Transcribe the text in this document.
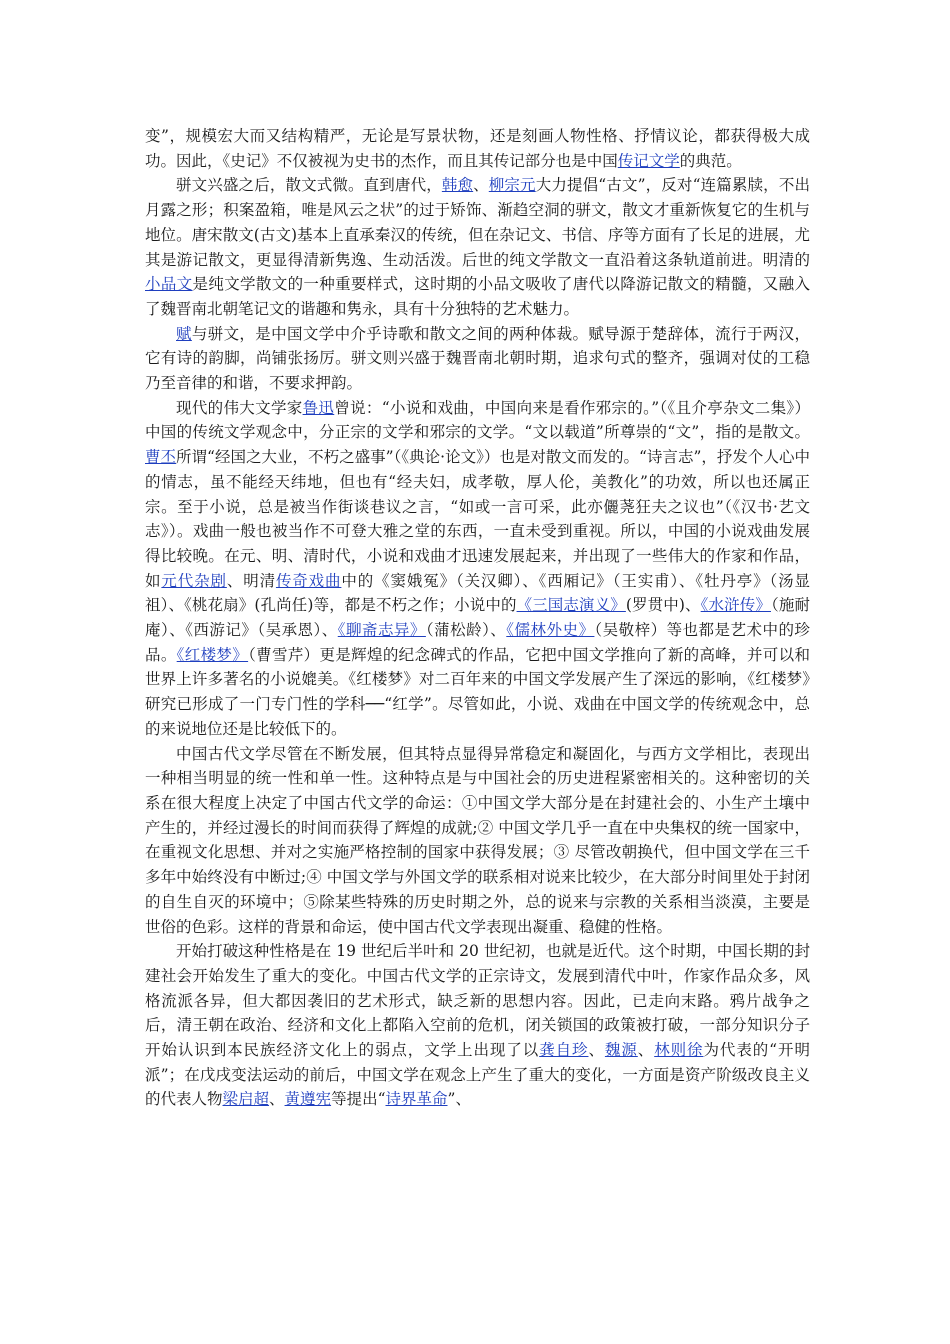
变”，规模宏大而又结构精严，无论是写景状物，还是刻画人物性格、抒情议论，都获得极大成功。因此，《史记》不仅被视为史书的杰作，而且其传记部分也是中国传记文学的典范。

骈文兴盛之后，散文式微。直到唐代，韩愈、柳宗元大力提倡“古文”，反对“连篇累牍，不出月露之形；积案盈箱，唯是风云之状”的过于矫饰、渐趋空洞的骈文，散文才重新恢复它的生机与地位。唐宋散文(古文)基本上直承秦汉的传统，但在杂记文、书信、序等方面有了长足的进展，尤其是游记散文，更显得清新隽逸、生动活泼。后世的纯文学散文一直沿着这条轨道前进。明清的小品文是纯文学散文的一种重要样式，这时期的小品文吸收了唐代以降游记散文的精髓，又融入了魏晋南北朝笔记文的谐趣和隽永，具有十分独特的艺术魅力。

赋与骈文，是中国文学中介乎诗歌和散文之间的两种体裁。赋导源于楚辞体，流行于两汉，它有诗的韵脚，尚铺张扬厉。骈文则兴盛于魏晋南北朝时期，追求句式的整齐，强调对仗的工稳乃至音律的和谐，不要求押韵。

现代的伟大文学家鲁迅曾说：“小说和戏曲，中国向来是看作邪宗的。”（《且介亭杂文二集》）中国的传统文学观念中，分正宗的文学和邪宗的文学。“文以载道”所尊崇的“文”，指的是散文。曹丕所谓“经国之大业，不朽之盛事”（《典论·论文》）也是对散文而发的。“诗言志”，抒发个人心中的情志，虽不能经天纬地，但也有“经夫妇，成孝敬，厚人伦，美教化”的功效，所以也还属正宗。至于小说，总是被当作街谈巷议之言，“如或一言可采，此亦儷荛狂夫之议也”（《汉书·艺文志》）。戏曲一般也被当作不可登大雅之堂的东西，一直未受到重视。所以，中国的小说戏曲发展得比较晚。在元、明、清时代，小说和戏曲才迅速发展起来，并出现了一些伟大的作家和作品，如元代杂剧、明清传奇戏曲中的《窦娥冤》（关汉卿）、《西厢记》（王实甫）、《牡丹亭》（汤显祖）、《桃花扇》(孔尚任)等，都是不朽之作；小说中的《三国志演义》(罗贯中)、《水浒传》（施耐庵）、《西游记》（吴承恩）、《聊斋志异》（蒲松龄）、《儒林外史》（吴敬梓）等也都是艺术中的珍品。《红楼梦》（曹雪芹）更是辉煌的纪念碑式的作品，它把中国文学推向了新的高峰，并可以和世界上许多著名的小说媲美。《红楼梦》对二百年来的中国文学发展产生了深远的影响，《红楼梦》研究已形成了一门专门性的学科──“红学”。尽管如此，小说、戏曲在中国文学的传统观念中，总的来说地位还是比较低下的。

中国古代文学尽管在不断发展，但其特点显得异常稳定和凝固化，与西方文学相比，表现出一种相当明显的统一性和单一性。这种特点是与中国社会的历史进程紧密相关的。这种密切的关系在很大程度上决定了中国古代文学的命运：①中国文学大部分是在封建社会的、小生产土壤中产生的，并经过漫长的时间而获得了辉煌的成就;② 中国文学几乎一直在中央集权的统一国家中，在重视文化思想、并对之实施严格控制的国家中获得发展；③ 尽管改朝换代，但中国文学在三千多年中始终没有中断过;④ 中国文学与外国文学的联系相对说来比较少，在大部分时间里处于封闭的自生自灭的环境中；⑤除某些特殊的历史时期之外，总的说来与宗教的关系相当淡漠，主要是世俗的色彩。这样的背景和命运，使中国古代文学表现出凝重、稳健的性格。

开始打破这种性格是在 19 世纪后半叶和 20 世纪初，也就是近代。这个时期，中国长期的封建社会开始发生了重大的变化。中国古代文学的正宗诗文，发展到清代中叶，作家作品众多，风格流派各异，但大都因袭旧的艺术形式，缺乏新的思想内容。因此，已走向末路。鸦片战争之后，清王朝在政治、经济和文化上都陷入空前的危机，闭关锁国的政策被打破，一部分知识分子开始认识到本民族经济文化上的弱点，文学上出现了以龚自珍、魏源、林则徐为代表的“开明派”；在戊戌变法运动的前后，中国文学在观念上产生了重大的变化，一方面是资产阶级改良主义的代表人物梁启超、黄遵宪等提出“诗界革命”、
